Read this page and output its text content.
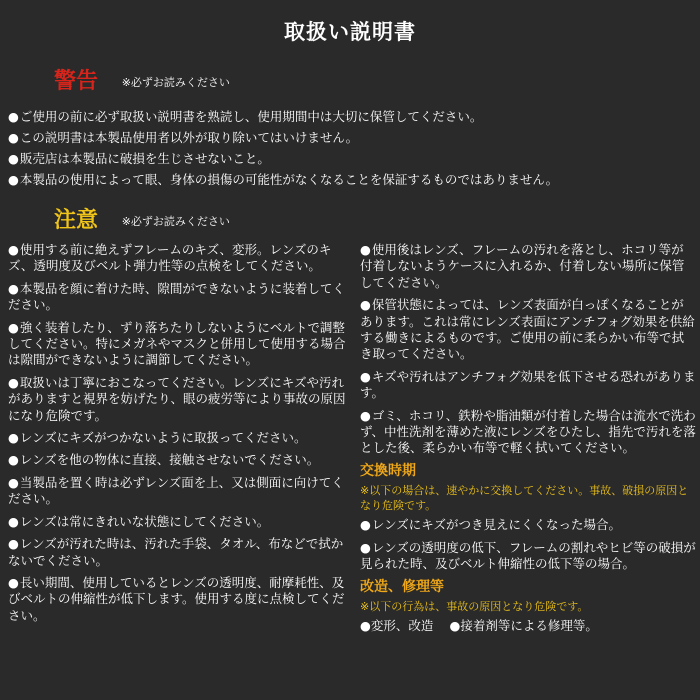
取扱い説明書
警告 ※必ずお読みください
●ご使用の前に必ず取扱い説明書を熟読し、使用期間中は大切に保管してください。
●この説明書は本製品使用者以外が取り除いてはいけません。
●販売店は本製品に破損を生じさせないこと。
●本製品の使用によって眼、身体の損傷の可能性がなくなることを保証するものではありません。
注意 ※必ずお読みください
●使用する前に絶えずフレームのキズ、変形。レンズのキズ、透明度及びベルト弾力性等の点検をしてください。
●本製品を顔に着けた時、隙間ができないように装着してください。
●強く装着したり、ずり落ちたりしないようにベルトで調整してください。特にメガネやマスクと併用して使用する場合は隙間ができないように調節してください。
●取扱いは丁寧におこなってください。レンズにキズや汚れがありますと視界を妨げたり、眼の疲労等により事故の原因になり危険です。
●レンズにキズがつかないように取扱ってください。
●レンズを他の物体に直接、接触させないでください。
●当製品を置く時は必ずレンズ面を上、又は側面に向けてください。
●レンズは常にきれいな状態にしてください。
●レンズが汚れた時は、汚れた手袋、タオル、布などで拭かないでください。
●長い期間、使用しているとレンズの透明度、耐摩耗性、及びベルトの伸縮性が低下します。使用する度に点検してください。
●使用後はレンズ、フレームの汚れを落とし、ホコリ等が付着しないようケースに入れるか、付着しない場所に保管してください。
●保管状態によっては、レンズ表面が白っぽくなることがあります。これは常にレンズ表面にアンチフォグ効果を供給する働きによるものです。ご使用の前に柔らかい布等で拭き取ってください。
●キズや汚れはアンチフォグ効果を低下させる恐れがあります。
●ゴミ、ホコリ、鉄粉や脂油類が付着した場合は流水で洗わず、中性洗剤を薄めた液にレンズをひたし、指先で汚れを落とした後、柔らかい布等で軽く拭いてください。
交換時期
※以下の場合は、速やかに交換してください。事故、破損の原因となり危険です。
●レンズにキズがつき見えにくくなった場合。
●レンズの透明度の低下、フレームの割れやヒビ等の破損が見られた時、及びベルト伸縮性の低下等の場合。
改造、修理等
※以下の行為は、事故の原因となり危険です。
●変形、改造 ●接着剤等による修理等。
